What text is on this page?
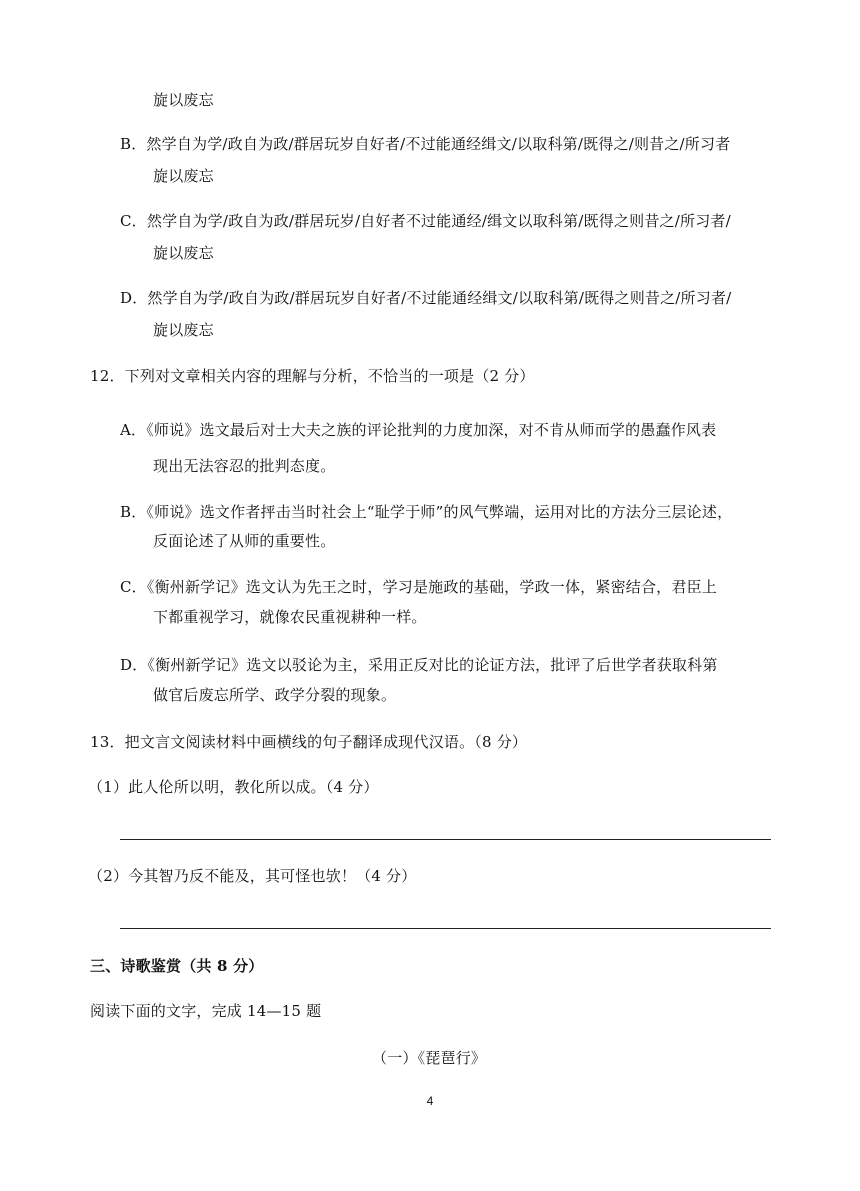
旋以废忘
B．然学自为学/政自为政/群居玩岁自好者/不过能通经缉文/以取科第/既得之/则昔之/所习者
旋以废忘
C．然学自为学/政自为政/群居玩岁/自好者不过能通经/缉文以取科第/既得之则昔之/所习者/
旋以废忘
D．然学自为学/政自为政/群居玩岁自好者/不过能通经缉文/以取科第/既得之则昔之/所习者/
旋以废忘
12．下列对文章相关内容的理解与分析，不恰当的一项是（2 分）
A．《师说》选文最后对士大夫之族的评论批判的力度加深，对不肯从师而学的愚蠢作风表
现出无法容忍的批判态度。
B．《师说》选文作者抨击当时社会上“耻学于师”的风气弊端，运用对比的方法分三层论述，
反面论述了从师的重要性。
C．《衡州新学记》选文认为先王之时，学习是施政的基础，学政一体，紧密结合，君臣上
下都重视学习，就像农民重视耕种一样。
D．《衡州新学记》选文以驳论为主，采用正反对比的论证方法，批评了后世学者获取科第
做官后废忘所学、政学分裂的现象。
13．把文言文阅读材料中画横线的句子翻译成现代汉语。（8 分）
（1）此人伦所以明，教化所以成。（4 分）
（2）今其智乃反不能及，其可怪也欤！（4 分）
三、诗歌鉴赏（共 8 分）
阅读下面的文字，完成 14—15 题
（一）《琵琶行》
4
